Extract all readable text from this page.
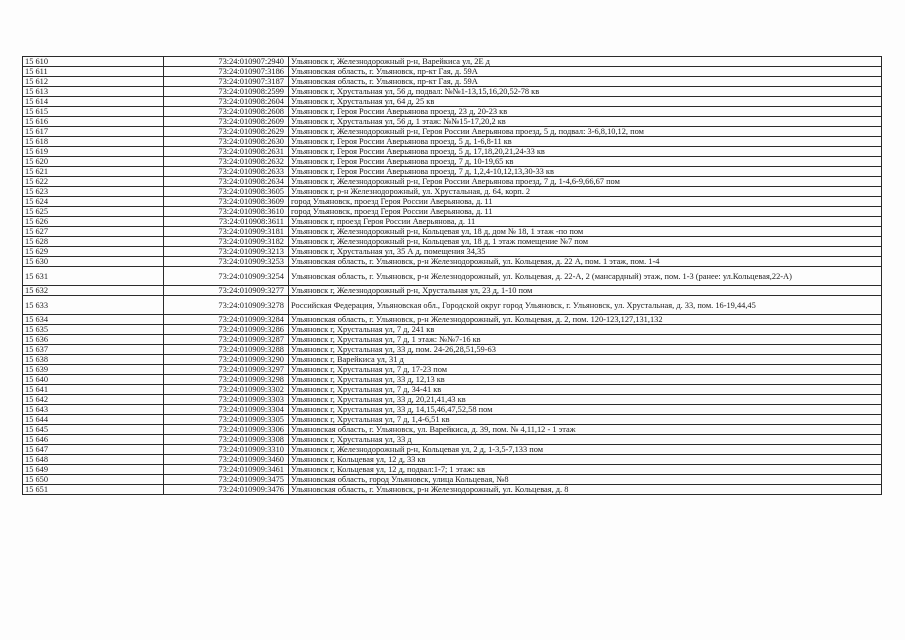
15 610	73:24:010907:2940	Ульяновск г, Железнодорожный р-н, Варейкиса ул, 2Е д
15 611	73:24:010907:3186	Ульяновская область, г. Ульяновск, пр-кт Гая, д. 59А
15 612	73:24:010907:3187	Ульяновская область, г. Ульяновск, пр-кт Гая, д. 59А
15 613	73:24:010908:2599	Ульяновск г, Хрустальная ул, 56 д, подвал: №№1-13,15,16,20,52-78 кв
15 614	73:24:010908:2604	Ульяновск г, Хрустальная ул, 64 д, 25 кв
15 615	73:24:010908:2608	Ульяновск г, Героя России Аверьянова проезд, 23 д, 20-23 кв
15 616	73:24:010908:2609	Ульяновск г, Хрустальная ул, 56 д, 1 этаж: №№15-17,20,2 кв
15 617	73:24:010908:2629	Ульяновск г, Железнодорожный р-н, Героя России Аверьянова проезд, 5 д, подвал: 3-6,8,10,12, пом
15 618	73:24:010908:2630	Ульяновск г, Героя России Аверьянова проезд, 5 д, 1-6,8-11 кв
15 619	73:24:010908:2631	Ульяновск г, Героя России Аверьянова проезд, 5 д, 17,18,20,21,24-33 кв
15 620	73:24:010908:2632	Ульяновск г, Героя России Аверьянова проезд, 7 д, 10-19,65 кв
15 621	73:24:010908:2633	Ульяновск г, Героя России Аверьянова проезд, 7 д, 1,2,4-10,12,13,30-33 кв
15 622	73:24:010908:2634	Ульяновск г, Железнодорожный р-н, Героя России Аверьянова проезд, 7 д, 1-4,6-9,66,67 пом
15 623	73:24:010908:3605	Ульяновск г, р-н Железнодорожный, ул. Хрустальная, д. 64, корп. 2
15 624	73:24:010908:3609	город Ульяновск, проезд Героя России Аверьянова, д. 11
15 625	73:24:010908:3610	город Ульяновск, проезд Героя России Аверьянова, д. 11
15 626	73:24:010908:3611	Ульяновск г, проезд Героя России Аверьянова, д. 11
15 627	73:24:010909:3181	Ульяновск г, Железнодорожный р-н, Кольцевая ул, 18 д, дом № 18, 1 этаж -по пом
15 628	73:24:010909:3182	Ульяновск г, Железнодорожный р-н, Кольцевая ул, 18 д, 1 этаж помещение №7 пом
15 629	73:24:010909:3213	Ульяновск г, Хрустальная ул, 35 А д, помещения 34,35
15 630	73:24:010909:3253	Ульяновская область, г. Ульяновск, р-н Железнодорожный, ул. Кольцевая, д. 22 А, пом. 1 этаж, пом. 1-4
15 631	73:24:010909:3254	Ульяновская область, г. Ульяновск, р-н Железнодорожный, ул. Кольцевая, д. 22-А, 2 (мансардный) этаж, пом. 1-3 (ранее: ул.Кольцевая,22-А)
15 632	73:24:010909:3277	Ульяновск г, Железнодорожный р-н, Хрустальная ул, 23 д, 1-10 пом
15 633	73:24:010909:3278	Российская Федерация, Ульяновская обл., Городской округ город Ульяновск, г. Ульяновск, ул. Хрустальная, д. 33, пом. 16-19,44,45
15 634	73:24:010909:3284	Ульяновская область, г. Ульяновск, р-н Железнодорожный, ул. Кольцевая, д. 2, пом. 120-123,127,131,132
15 635	73:24:010909:3286	Ульяновск г, Хрустальная ул, 7 д, 241 кв
15 636	73:24:010909:3287	Ульяновск г, Хрустальная ул, 7 д, 1 этаж: №№7-16 кв
15 637	73:24:010909:3288	Ульяновск г, Хрустальная ул, 33 д, пом. 24-26,28,51,59-63
15 638	73:24:010909:3290	Ульяновск г, Варейкиса ул, 31 д
15 639	73:24:010909:3297	Ульяновск г, Хрустальная ул, 7 д, 17-23 пом
15 640	73:24:010909:3298	Ульяновск г, Хрустальная ул, 33 д, 12,13 кв
15 641	73:24:010909:3302	Ульяновск г, Хрустальная ул, 7 д, 34-41 кв
15 642	73:24:010909:3303	Ульяновск г, Хрустальная ул, 33 д, 20,21,41,43 кв
15 643	73:24:010909:3304	Ульяновск г, Хрустальная ул, 33 д, 14,15,46,47,52,58 пом
15 644	73:24:010909:3305	Ульяновск г, Хрустальная ул, 7 д, 1,4-6,51 кв
15 645	73:24:010909:3306	Ульяновская область, г. Ульяновск, ул. Варейкиса, д. 39, пом. № 4,11,12 - 1 этаж
15 646	73:24:010909:3308	Ульяновск г, Хрустальная ул, 33 д
15 647	73:24:010909:3310	Ульяновск г, Железнодорожный р-н, Кольцевая ул, 2 д, 1-3,5-7,133 пом
15 648	73:24:010909:3460	Ульяновск г, Кольцевая ул, 12 д, 33 кв
15 649	73:24:010909:3461	Ульяновск г, Кольцевая ул, 12 д, подвал:1-7; 1 этаж: кв
15 650	73:24:010909:3475	Ульяновская область, город Ульяновск, улица Кольцевая, №8
15 651	73:24:010909:3476	Ульяновская область, г. Ульяновск, р-н Железнодорожный, ул. Кольцевая, д. 8
